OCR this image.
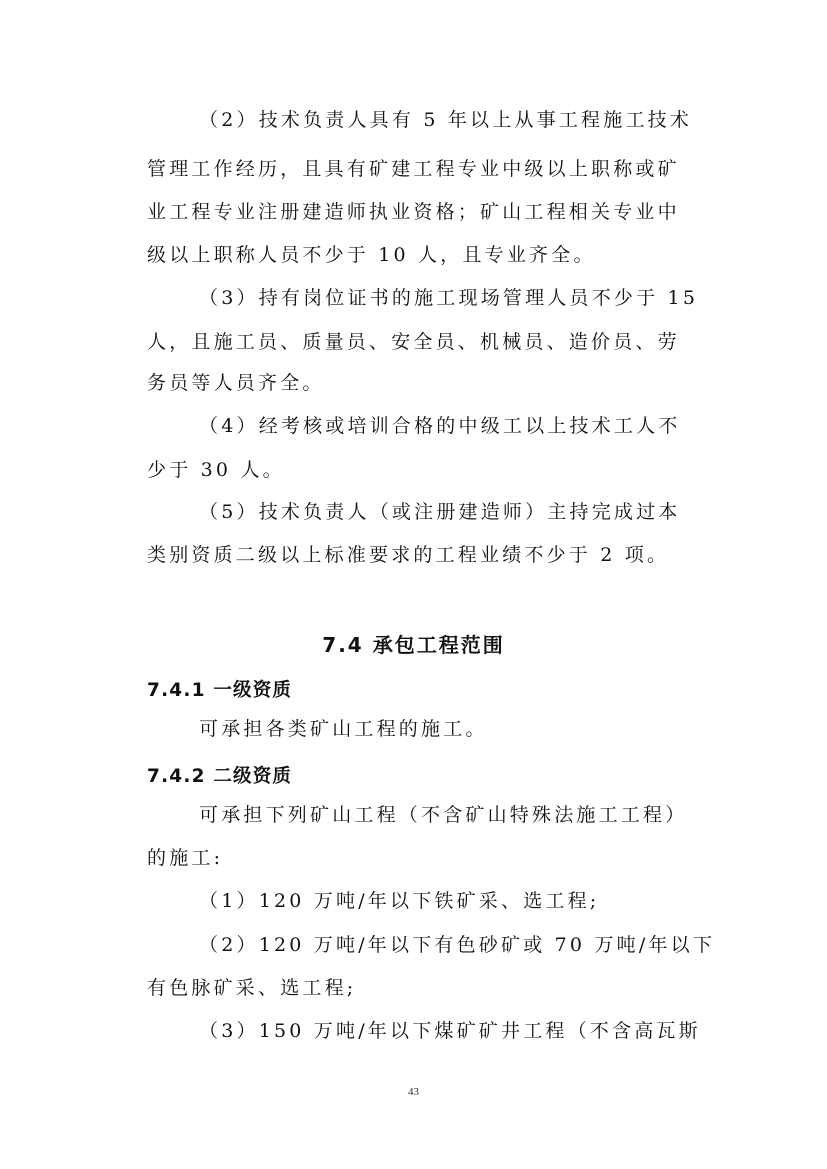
（2）技术负责人具有 5 年以上从事工程施工技术
管理工作经历，且具有矿建工程专业中级以上职称或矿
业工程专业注册建造师执业资格；矿山工程相关专业中
级以上职称人员不少于 10 人，且专业齐全。
（3）持有岗位证书的施工现场管理人员不少于 15
人，且施工员、质量员、安全员、机械员、造价员、劳
务员等人员齐全。
（4）经考核或培训合格的中级工以上技术工人不
少于 30 人。
（5）技术负责人（或注册建造师）主持完成过本
类别资质二级以上标准要求的工程业绩不少于 2 项。
7.4 承包工程范围
7.4.1 一级资质
可承担各类矿山工程的施工。
7.4.2 二级资质
可承担下列矿山工程（不含矿山特殊法施工工程）
的施工:
（1）120 万吨/年以下铁矿采、选工程;
（2）120 万吨/年以下有色砂矿或 70 万吨/年以下
有色脉矿采、选工程;
（3）150 万吨/年以下煤矿矿井工程（不含高瓦斯
43
